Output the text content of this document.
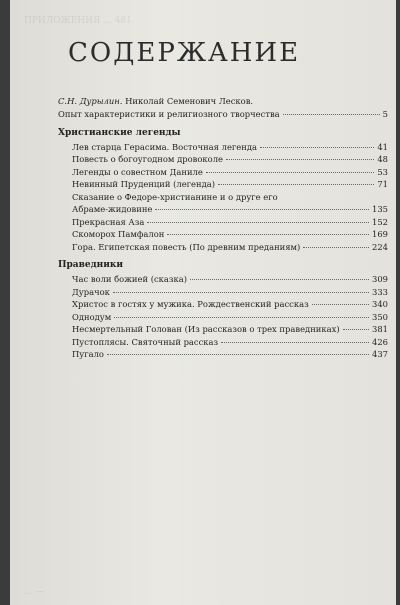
ПРИЛОЖЕНИЯ ... 481
СОДЕРЖАНИЕ
С.Н. Дурылин. Николай Семенович Лесков.
Опыт характеристики и религиозного творчества	5
Христианские легенды
Лев старца Герасима. Восточная легенда	41
Повесть о богоугодном дровоколе	48
Легенды о совестном Даниле	53
Невинный Пруденций (легенда)	71
Сказание о Федоре-христианине и о друге его
Абраме-жидовине	135
Прекрасная Аза	152
Скоморох Памфалон	169
Гора. Египетская повесть (По древним преданиям)	224
Праведники
Час воли божией (сказка)	309
Дурачок	333
Христос в гостях у мужика. Рождественский рассказ	340
Однодум	350
Несмертельный Голован (Из рассказов о трех праведниках)	381
Пустоплясы. Святочный рассказ	426
Пугало	437
... —
